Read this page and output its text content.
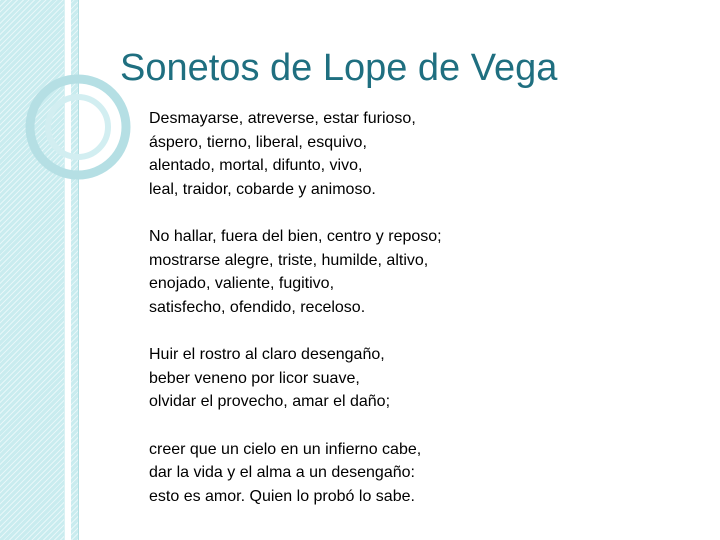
Sonetos de Lope de Vega
Desmayarse, atreverse, estar furioso,
áspero, tierno, liberal, esquivo,
alentado, mortal, difunto, vivo,
leal, traidor, cobarde y animoso.
No hallar, fuera del bien, centro y reposo;
mostrarse alegre, triste, humilde, altivo,
enojado, valiente, fugitivo,
satisfecho, ofendido, receloso.
Huir el rostro al claro desengaño,
beber veneno por licor suave,
olvidar el provecho, amar el daño;
creer que un cielo en un infierno cabe,
dar la vida y el alma a un desengaño:
esto es amor. Quien lo probó lo sabe.
